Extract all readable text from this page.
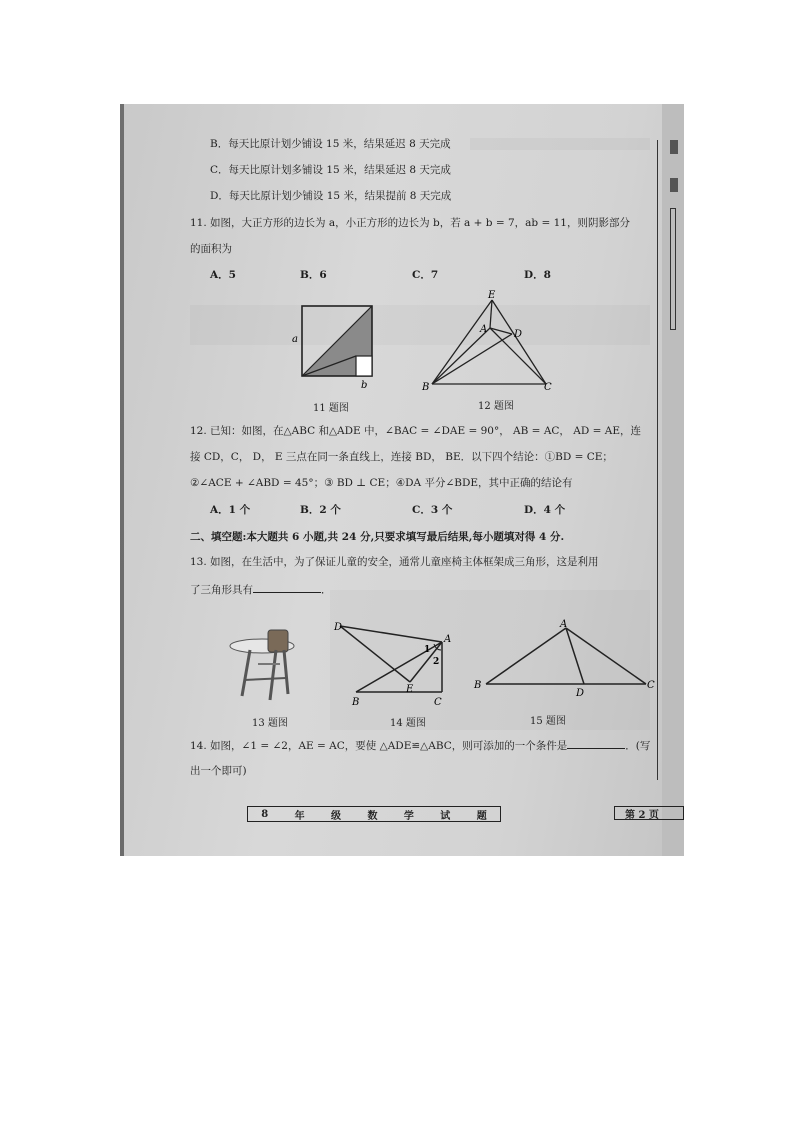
B．每天比原计划少铺设 15 米，结果延迟 8 天完成
C．每天比原计划多铺设 15 米，结果延迟 8 天完成
D．每天比原计划少铺设 15 米，结果提前 8 天完成
11. 如图，大正方形的边长为 a，小正方形的边长为 b，若 a + b = 7，ab = 11，则阴影部分
的面积为
A．5	B．6	C．7	D．8
a
b
11 题图
E
A	D
B	C
12 题图
12. 已知：如图，在△ABC 和△ADE 中，∠BAC = ∠DAE = 90°， AB = AC， AD = AE，连
接 CD，C， D， E 三点在同一条直线上，连接 BD， BE．以下四个结论：①BD = CE；
②∠ACE + ∠ABD = 45°；③ BD ⊥ CE；④DA 平分∠BDE，其中正确的结论有
A．1 个	B．2 个	C．3 个	D．4 个
二、填空题:本大题共 6 小题,共 24 分,只要求填写最后结果,每小题填对得 4 分.
13. 如图，在生活中，为了保证儿童的安全，通常儿童座椅主体框架成三角形，这是利用
了三角形具有	．
13 题图
D
A
1
2
E
B	C
14 题图
A
B
D
C
15 题图
14. 如图，∠1 = ∠2，AE = AC，要使 △ADE≌△ABC，则可添加的一个条件是	．(写
出一个即可)
8	年	级	数	学	试	题	第 2 页
